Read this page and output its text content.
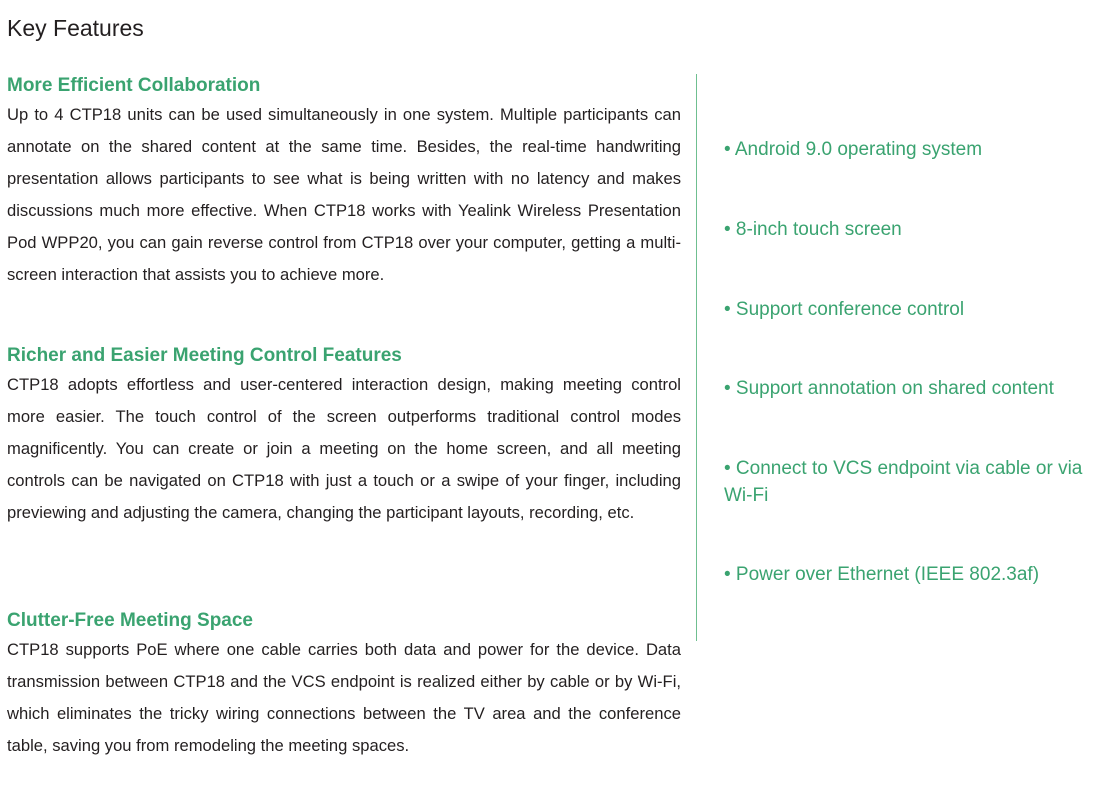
Key Features
More Efficient Collaboration

Up to 4 CTP18 units can be used simultaneously in one system. Multiple participants can annotate on the shared content at the same time. Besides, the real-time handwriting presentation allows participants to see what is being written with no latency and makes discussions much more effective. When CTP18 works with Yealink Wireless Presentation Pod WPP20, you can gain reverse control from CTP18 over your computer, getting a multi-screen interaction that assists you to achieve more.

Richer and Easier Meeting Control Features

CTP18 adopts effortless and user-centered interaction design, making meeting control more easier. The touch control of the screen outperforms traditional control modes magnificently. You can create or join a meeting on the home screen, and all meeting controls can be navigated on CTP18 with just a touch or a swipe of your finger, including previewing and adjusting the camera, changing the participant layouts, recording, etc.

Clutter-Free Meeting Space

CTP18 supports PoE where one cable carries both data and power for the device. Data transmission between CTP18 and the VCS endpoint is realized either by cable or by Wi-Fi, which eliminates the tricky wiring connections between the TV area and the conference table, saving you from remodeling the meeting spaces.

• Android 9.0 operating system
• 8-inch touch screen
• Support conference control
• Support annotation on shared content
• Connect to VCS endpoint via cable or via Wi-Fi
• Power over Ethernet (IEEE 802.3af)
